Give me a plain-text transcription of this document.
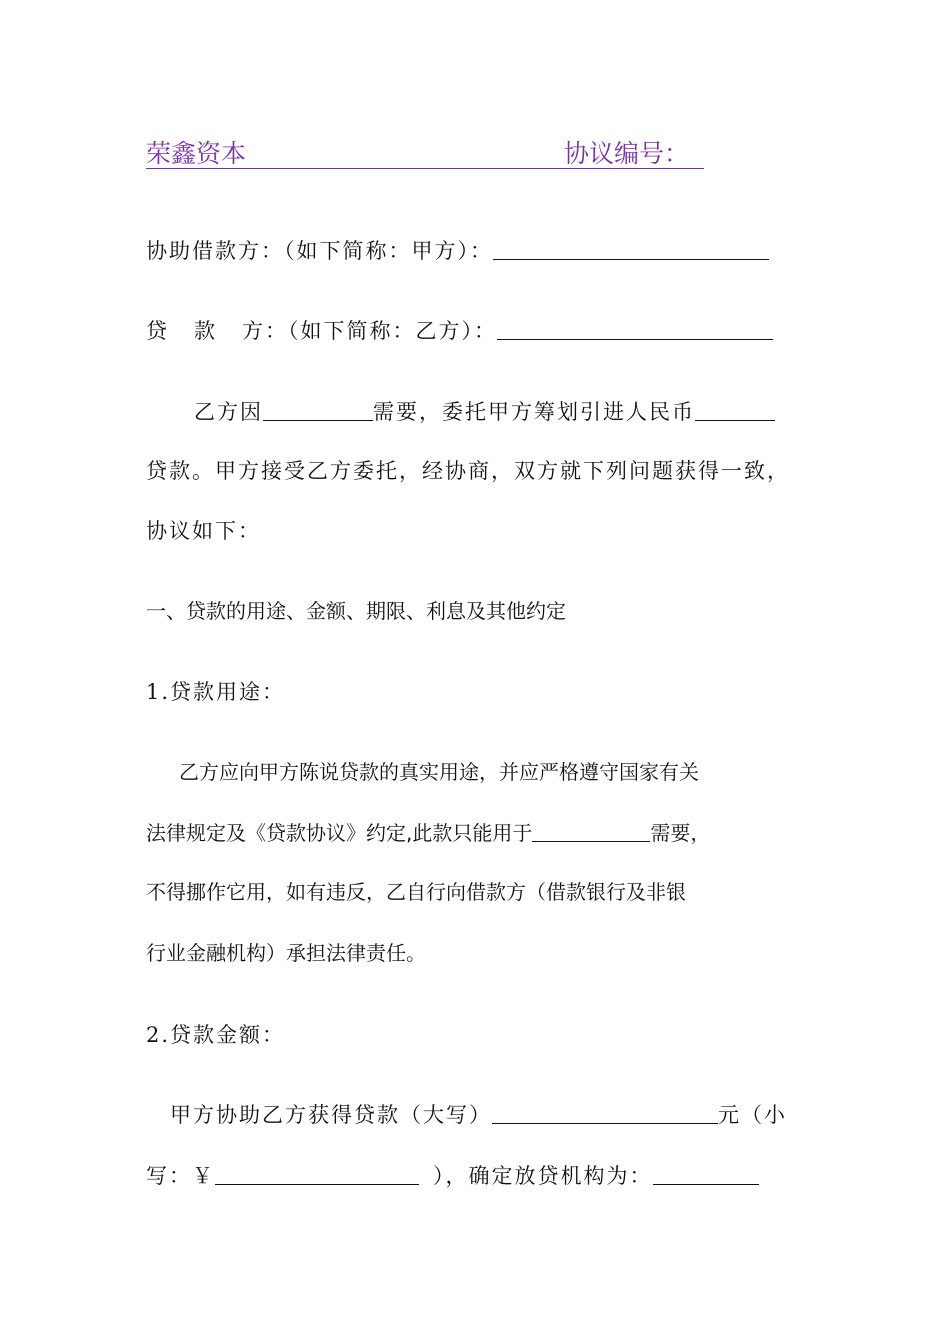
荣鑫资本	协议编号：
协助借款方：（如下简称：甲方）：
贷 款 方：（如下简称：乙方）：
乙方因	需要，委托甲方筹划引进人民币
贷款。甲方接受乙方委托，经协商，双方就下列问题获得一致，
协议如下：
一、贷款的用途、金额、期限、利息及其他约定
1.贷款用途：
乙方应向甲方陈说贷款的真实用途，并应严格遵守国家有关
法律规定及《贷款协议》约定,此款只能用于	需要，
不得挪作它用，如有违反，乙自行向借款方（借款银行及非银
行业金融机构）承担法律责任。
2.贷款金额：
甲方协助乙方获得贷款（大写）	元（小
写：￥	），确定放贷机构为：
